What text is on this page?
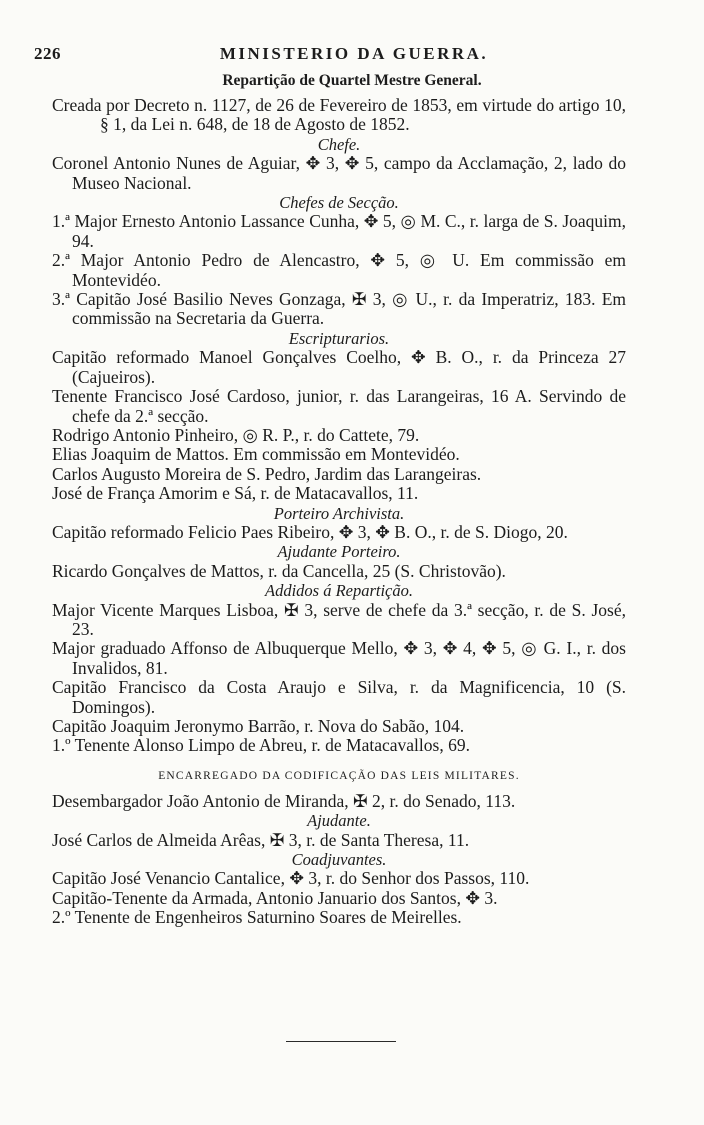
226	MINISTERIO DA GUERRA.
Repartição de Quartel Mestre General.

Creada por Decreto n. 1127, de 26 de Fevereiro de 1853, em virtude do artigo 10, § 1, da Lei n. 648, de 18 de Agosto de 1852.

Chefe.

Coronel Antonio Nunes de Aguiar, ✥ 3, ✥ 5, campo da Acclamação, 2, lado do Museo Nacional.

Chefes de Secção.

1.ª Major Ernesto Antonio Lassance Cunha, ✥ 5, ◎ M. C., r. larga de S. Joaquim, 94.

2.ª Major Antonio Pedro de Alencastro, ✥ 5, ◎ U. Em commissão em Montevidéo.

3.ª Capitão José Basilio Neves Gonzaga, ✠ 3, ◎ U., r. da Imperatriz, 183. Em commissão na Secretaria da Guerra.

Escripturarios.

Capitão reformado Manoel Gonçalves Coelho, ✥ B. O., r. da Princeza 27 (Cajueiros).

Tenente Francisco José Cardoso, junior, r. das Larangeiras, 16 A. Servindo de chefe da 2.ª secção.

Rodrigo Antonio Pinheiro, ◎ R. P., r. do Cattete, 79.

Elias Joaquim de Mattos. Em commissão em Montevidéo.

Carlos Augusto Moreira de S. Pedro, Jardim das Larangeiras.

José de França Amorim e Sá, r. de Matacavallos, 11.

Porteiro Archivista.

Capitão reformado Felicio Paes Ribeiro, ✥ 3, ✥ B. O., r. de S. Diogo, 20.

Ajudante Porteiro.

Ricardo Gonçalves de Mattos, r. da Cancella, 25 (S. Christovão).

Addidos á Repartição.

Major Vicente Marques Lisboa, ✠ 3, serve de chefe da 3.ª secção, r. de S. José, 23.

Major graduado Affonso de Albuquerque Mello, ✥ 3, ✥ 4, ✥ 5, ◎ G. I., r. dos Invalidos, 81.

Capitão Francisco da Costa Araujo e Silva, r. da Magnificencia, 10 (S. Domingos).

Capitão Joaquim Jeronymo Barrão, r. Nova do Sabão, 104.

1.º Tenente Alonso Limpo de Abreu, r. de Matacavallos, 69.

ENCARREGADO DA CODIFICAÇÃO DAS LEIS MILITARES.

Desembargador João Antonio de Miranda, ✠ 2, r. do Senado, 113.

Ajudante.

José Carlos de Almeida Arêas, ✠ 3, r. de Santa Theresa, 11.

Coadjuvantes.

Capitão José Venancio Cantalice, ✥ 3, r. do Senhor dos Passos, 110.

Capitão-Tenente da Armada, Antonio Januario dos Santos, ✥ 3.

2.º Tenente de Engenheiros Saturnino Soares de Meirelles.
